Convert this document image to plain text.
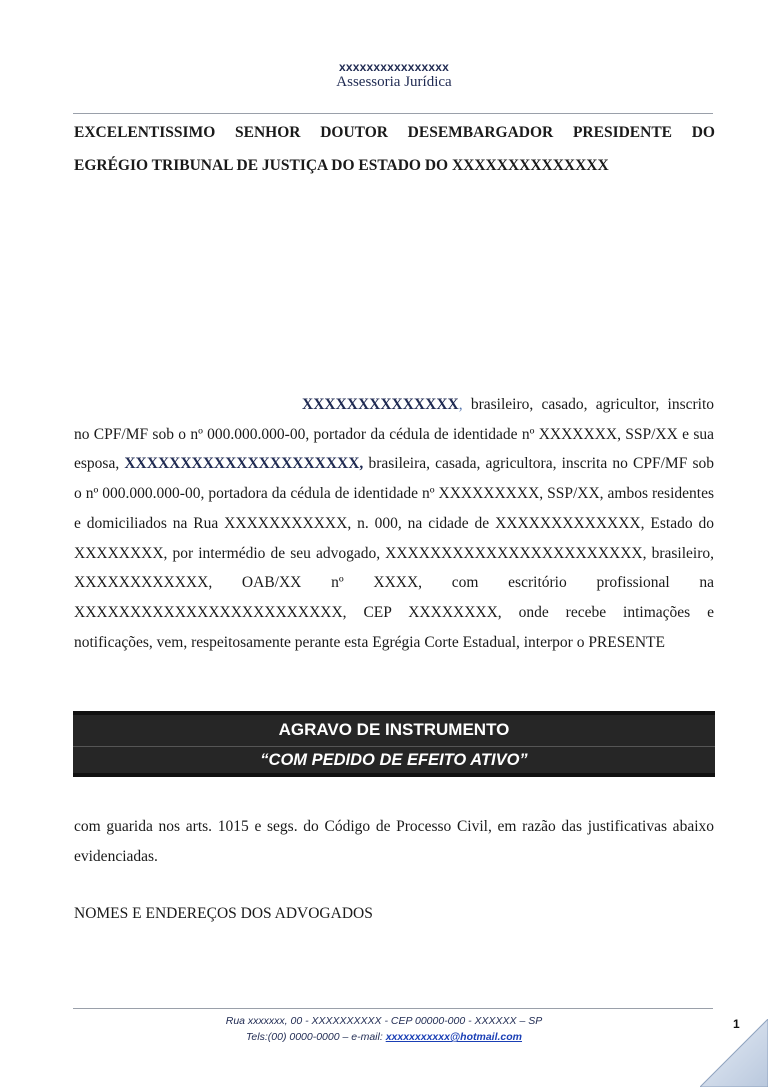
xxxxxxxxxxxxxxxx
Assessoria Jurídica

EXCELENTISSIMO SENHOR DOUTOR DESEMBARGADOR PRESIDENTE DO

EGRÉGIO TRIBUNAL DE JUSTIÇA DO ESTADO DO XXXXXXXXXXXXXX

XXXXXXXXXXXXXX, brasileiro, casado, agricultor, inscrito no CPF/MF sob o nº 000.000.000-00, portador da cédula de identidade nº XXXXXXX, SSP/XX e sua esposa, XXXXXXXXXXXXXXXXXXXXX, brasileira, casada, agricultora, inscrita no CPF/MF sob o nº 000.000.000-00, portadora da cédula de identidade nº XXXXXXXXX, SSP/XX, ambos residentes e domiciliados na Rua XXXXXXXXXXX, n. 000, na cidade de XXXXXXXXXXXXX, Estado do XXXXXXXX, por intermédio de seu advogado, XXXXXXXXXXXXXXXXXXXXXXX, brasileiro, XXXXXXXXXXXX, OAB/XX nº XXXX, com escritório profissional na XXXXXXXXXXXXXXXXXXXXXXXX, CEP XXXXXXXX, onde recebe intimações e notificações, vem, respeitosamente perante esta Egrégia Corte Estadual, interpor o PRESENTE
AGRAVO DE INSTRUMENTO
“COM PEDIDO DE EFEITO ATIVO”
com guarida nos arts. 1015 e segs. do Código de Processo Civil, em razão das justificativas abaixo evidenciadas.
NOMES E ENDEREÇOS DOS ADVOGADOS
Rua xxxxxxx, 00 - XXXXXXXXXX - CEP 00000-000 - XXXXXX – SP
Tels:(00) 0000-0000 – e-mail: xxxxxxxxxxx@hotmail.com
1
